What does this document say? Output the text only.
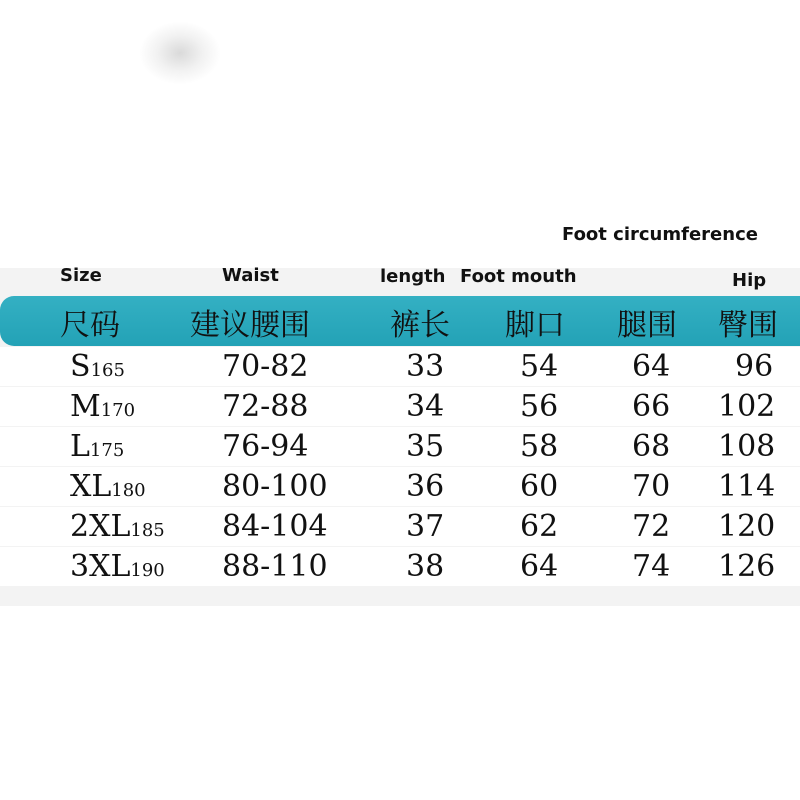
Foot circumference
Size	Waist	length Foot mouth	Hip
尺码 建议腰围	裤长 脚口 腿围 臀围
S165	70-82	33	54 64 96
M170	72-88	34	56 66 102
L175	76-94	35	58 68 108
XL180	80-100	36	60 70 114
2XL185 84-104	37	62 72 120
3XL190 88-110	38	64 74 126
